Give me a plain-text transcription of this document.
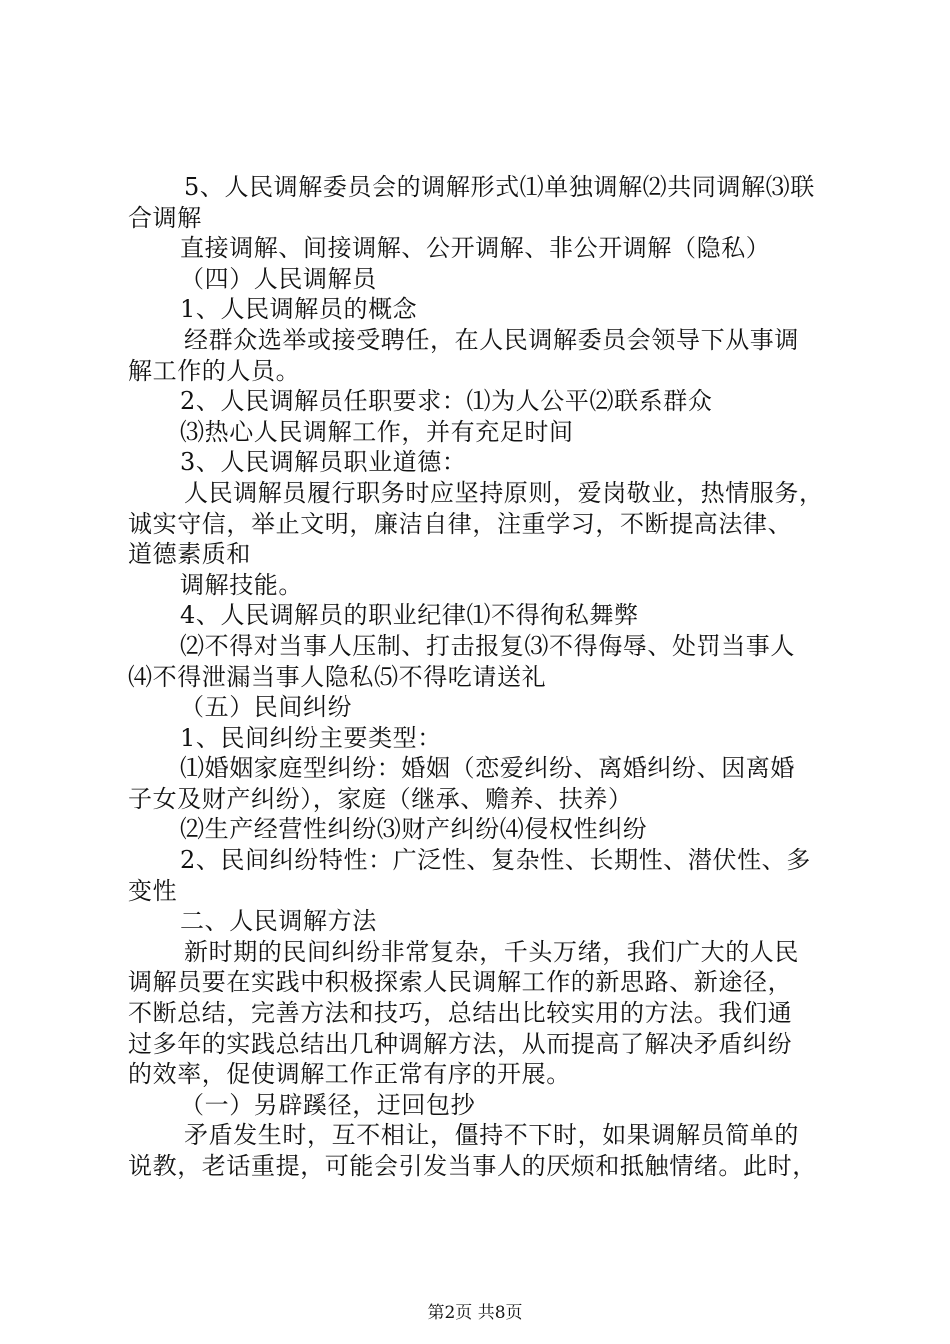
5、人民调解委员会的调解形式⑴单独调解⑵共同调解⑶联
合调解
直接调解、间接调解、公开调解、非公开调解（隐私）
（四）人民调解员
1、人民调解员的概念
经群众选举或接受聘任，在人民调解委员会领导下从事调
解工作的人员。
2、人民调解员任职要求：⑴为人公平⑵联系群众
⑶热心人民调解工作，并有充足时间
3、人民调解员职业道德：
人民调解员履行职务时应坚持原则，爱岗敬业，热情服务，
诚实守信，举止文明，廉洁自律，注重学习，不断提高法律、
道德素质和
调解技能。
4、人民调解员的职业纪律⑴不得徇私舞弊
⑵不得对当事人压制、打击报复⑶不得侮辱、处罚当事人
⑷不得泄漏当事人隐私⑸不得吃请送礼
（五）民间纠纷
1、民间纠纷主要类型：
⑴婚姻家庭型纠纷：婚姻（恋爱纠纷、离婚纠纷、因离婚
子女及财产纠纷），家庭（继承、赡养、扶养）
⑵生产经营性纠纷⑶财产纠纷⑷侵权性纠纷
2、民间纠纷特性：广泛性、复杂性、长期性、潜伏性、多
变性
二、人民调解方法
新时期的民间纠纷非常复杂，千头万绪，我们广大的人民
调解员要在实践中积极探索人民调解工作的新思路、新途径，
不断总结，完善方法和技巧，总结出比较实用的方法。我们通
过多年的实践总结出几种调解方法，从而提高了解决矛盾纠纷
的效率，促使调解工作正常有序的开展。
（一）另辟蹊径，迂回包抄
矛盾发生时，互不相让，僵持不下时，如果调解员简单的
说教，老话重提，可能会引发当事人的厌烦和抵触情绪。此时，
第2页 共8页
